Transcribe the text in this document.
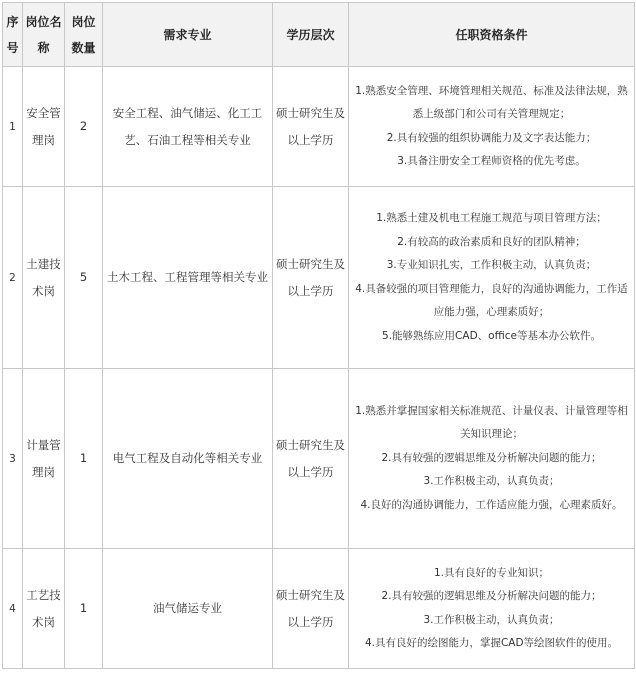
序号	岗位名称	岗位数量	需求专业	学历层次	任职资格条件
1	安全管理岗	2	安全工程、油气储运、化工工艺、石油工程等相关专业	硕士研究生及以上学历	1.熟悉安全管理、环境管理相关规范、标准及法律法规，熟悉上级部门和公司有关管理规定；
2.具有较强的组织协调能力及文字表达能力；
3.具备注册安全工程师资格的优先考虑。

2	土建技术岗	5	土木工程、工程管理等相关专业	硕士研究生及以上学历	1.熟悉土建及机电工程施工规范与项目管理方法；
2.有较高的政治素质和良好的团队精神；
3.专业知识扎实，工作积极主动，认真负责；
4.具备较强的项目管理能力，良好的沟通协调能力，工作适应能力强，心理素质好；
5.能够熟练应用CAD、office等基本办公软件。

3	计量管理岗	1	电气工程及自动化等相关专业	硕士研究生及以上学历	1.熟悉并掌握国家相关标准规范、计量仪表、计量管理等相关知识理论；
2.具有较强的逻辑思维及分析解决问题的能力；
3.工作积极主动，认真负责；
4.良好的沟通协调能力，工作适应能力强，心理素质好。

4	工艺技术岗	1	油气储运专业	硕士研究生及以上学历	1.具有良好的专业知识；
2.具有较强的逻辑思维及分析解决问题的能力；
3.工作积极主动，认真负责；
4.具有良好的绘图能力，掌握CAD等绘图软件的使用。
